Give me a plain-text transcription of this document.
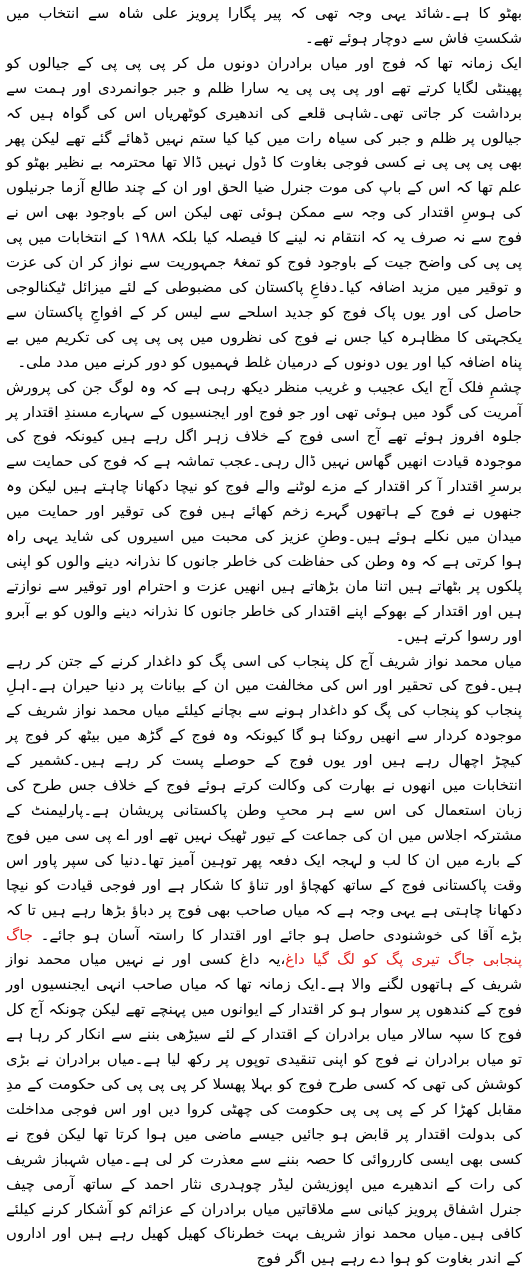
بھٹو کا ہے۔شائد یہی وجہ تھی کہ پیر پگارا پرویز علی شاہ سے انتخاب میں شکستِ فاش سے دوچار ہوئے تھے۔

ایک زمانہ تھا کہ فوج اور میاں برادران دونوں مل کر پی پی پی کے جیالوں کو پھینٹی لگایا کرتے تھے اور پی پی پی یہ سارا ظلم و جبر جوانمردی اور ہمت سے برداشت کر جاتی تھی۔شاہی قلعے کی اندھیری کوٹھریاں اس کی گواہ ہیں کہ جیالوں پر ظلم و جبر کی سیاہ رات میں کیا کیا ستم نہیں ڈھائے گئے تھے لیکن پھر بھی پی پی پی نے کسی فوجی بغاوت کا ڈول نہیں ڈالا تھا محترمہ بے نظیر بھٹو کو علم تھا کہ اس کے باپ کی موت جنرل ضیا الحق اور ان کے چند طالع آزما جرنیلوں کی ہوسِ اقتدار کی وجہ سے ممکن ہوئی تھی لیکن اس کے باوجود بھی اس نے فوج سے نہ صرف یہ کہ انتقام نہ لینے کا فیصلہ کیا بلکہ ١٩٨٨ کے انتخابات میں پی پی پی کی واضح جیت کے باوجود فوج کو تمغۂ جمہوریت سے نواز کر ان کی عزت و توقیر میں مزید اضافہ کیا۔دفاعِ پاکستان کی مضبوطی کے لئے میزائل ٹیکنالوجی حاصل کی اور یوں پاک فوج کو جدید اسلحے سے لیس کر کے افواجِ پاکستان سے یکجہتی کا مظاہرہ کیا جس نے فوج کی نظروں میں پی پی پی کی تکریم میں بے پناہ اضافہ کیا اور یوں دونوں کے درمیان غلط فہمیوں کو دور کرنے میں مدد ملی۔

چشمِ فلک آج ایک عجیب و غریب منظر دیکھ رہی ہے کہ وہ لوگ جن کی پرورش آمریت کی گود میں ہوئی تھی اور جو فوج اور ایجنسیوں کے سہارے مسندِ اقتدار پر جلوہ افروز ہوئے تھے آج اسی فوج کے خلاف زہر اگل رہے ہیں کیونکہ فوج کی موجودہ قیادت انھیں گھاس نہیں ڈال رہی۔عجب تماشہ ہے کہ فوج کی حمایت سے برسرِ اقتدار آ کر اقتدار کے مزے لوٹنے والے فوج کو نیچا دکھانا چاہتے ہیں لیکن وہ جنھوں نے فوج کے ہاتھوں گہرے زخم کھائے ہیں فوج کی توقیر اور حمایت میں میدان میں نکلے ہوئے ہیں۔وطنِ عزیز کی محبت میں اسیروں کی شاید یہی راہ ہوا کرتی ہے کہ وہ وطن کی حفاظت کی خاطر جانوں کا نذرانہ دینے والوں کو اپنی پلکوں پر بٹھاتے ہیں اتنا مان بڑھاتے ہیں انھیں عزت و احترام اور توقیر سے نوازتے ہیں اور اقتدار کے بھوکے اپنے اقتدار کی خاطر جانوں کا نذرانہ دینے والوں کو بے آبرو اور رسوا کرتے ہیں۔

میاں محمد نواز شریف آج کل پنجاب کی اسی پگ کو داغدار کرنے کے جتن کر رہے ہیں۔فوج کی تحقیر اور اس کی مخالفت میں ان کے بیانات پر دنیا حیران ہے۔اہلِ پنجاب کو پنجاب کی پگ کو داغدار ہونے سے بچانے کیلئے میاں محمد نواز شریف کے موجودہ کردار سے انھیں روکنا ہو گا کیونکہ وہ فوج کے گڑھ میں بیٹھ کر فوج پر کیچڑ اچھال رہے ہیں اور یوں فوج کے حوصلے پست کر رہے ہیں۔کشمیر کے انتخابات میں انھوں نے بھارت کی وکالت کرتے ہوئے فوج کے خلاف جس طرح کی زبان استعمال کی اس سے ہر محبِ وطن پاکستانی پریشان ہے۔پارلیمنٹ کے مشترکہ اجلاس میں ان کی جماعت کے تیور ٹھیک نہیں تھے اور اے پی سی میں فوج کے بارے میں ان کا لب و لہجہ ایک دفعہ پھر توہین آمیز تھا۔دنیا کی سپر پاور اس وقت پاکستانی فوج کے ساتھ کھچاؤ اور تناؤ کا شکار ہے اور فوجی قیادت کو نیچا دکھانا چاہتی ہے یہی وجہ ہے کہ میاں صاحب بھی فوج پر دباؤ بڑھا رہے ہیں تا کہ بڑے آقا کی خوشنودی حاصل ہو جائے اور اقتدار کا راستہ آسان ہو جائے۔ جاگ پنجابی جاگ تیری پگ کو لگ گیا داغ،یہ داغ کسی اور نے نہیں میاں محمد نواز شریف کے ہاتھوں لگنے والا ہے۔ایک زمانہ تھا کہ میاں صاحب انہی ایجنسیوں اور فوج کے کندھوں پر سوار ہو کر اقتدار کے ایوانوں میں پہنچے تھے لیکن چونکہ آج کل فوج کا سپہ سالار میاں برادران کے اقتدار کے لئے سیڑھی بننے سے انکار کر رہا ہے تو میاں برادران نے فوج کو اپنی تنقیدی توپوں پر رکھ لیا ہے۔میاں برادران نے بڑی کوشش کی تھی کہ کسی طرح فوج کو بہلا پھسلا کر پی پی پی کی حکومت کے مدِ مقابل کھڑا کر کے پی پی پی حکومت کی چھٹی کروا دیں اور اس فوجی مداخلت کی بدولت اقتدار پر قابض ہو جائیں جیسے ماضی میں ہوا کرتا تھا لیکن فوج نے کسی بھی ایسی کارروائی کا حصہ بننے سے معذرت کر لی ہے۔میاں شہباز شریف کی رات کے اندھیرے میں اپوزیشن لیڈر چوہدری نثار احمد کے ساتھ آرمی چیف جنرل اشفاق پرویز کیانی سے ملاقاتیں میاں برادران کے عزائم کو آشکار کرنے کیلئے کافی ہیں۔میاں محمد نواز شریف بہت خطرناک کھیل کھیل رہے ہیں اور اداروں کے اندر بغاوت کو ہوا دے رہے ہیں اگر فوج
